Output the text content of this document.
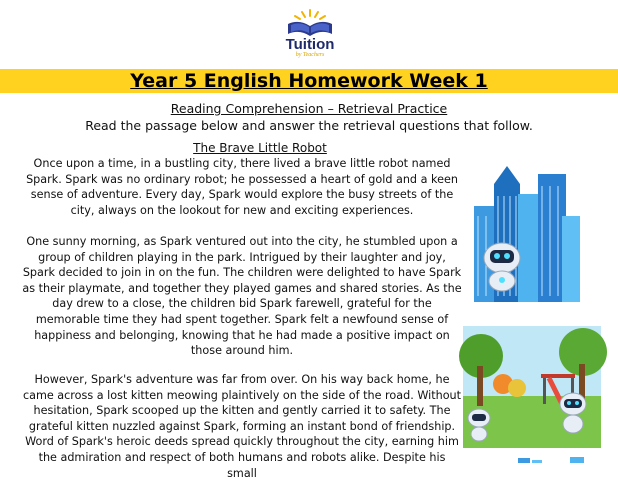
Tuition
by Teachers
Year 5 English Homework Week 1
Reading Comprehension – Retrieval Practice
Read the passage below and answer the retrieval questions that follow.
The Brave Little Robot

Once upon a time, in a bustling city, there lived a brave little robot named Spark. Spark was no ordinary robot; he possessed a heart of gold and a keen sense of adventure. Every day, Spark would explore the busy streets of the city, always on the lookout for new and exciting experiences.

One sunny morning, as Spark ventured out into the city, he stumbled upon a group of children playing in the park. Intrigued by their laughter and joy, Spark decided to join in on the fun. The children were delighted to have Spark as their playmate, and together they played games and shared stories. As the day drew to a close, the children bid Spark farewell, grateful for the memorable time they had spent together. Spark felt a newfound sense of happiness and belonging, knowing that he had made a positive impact on those around him.

However, Spark's adventure was far from over. On his way back home, he came across a lost kitten meowing plaintively on the side of the road. Without hesitation, Spark scooped up the kitten and gently carried it to safety. The grateful kitten nuzzled against Spark, forming an instant bond of friendship. Word of Spark's heroic deeds spread quickly throughout the city, earning him the admiration and respect of both humans and robots alike. Despite his small
